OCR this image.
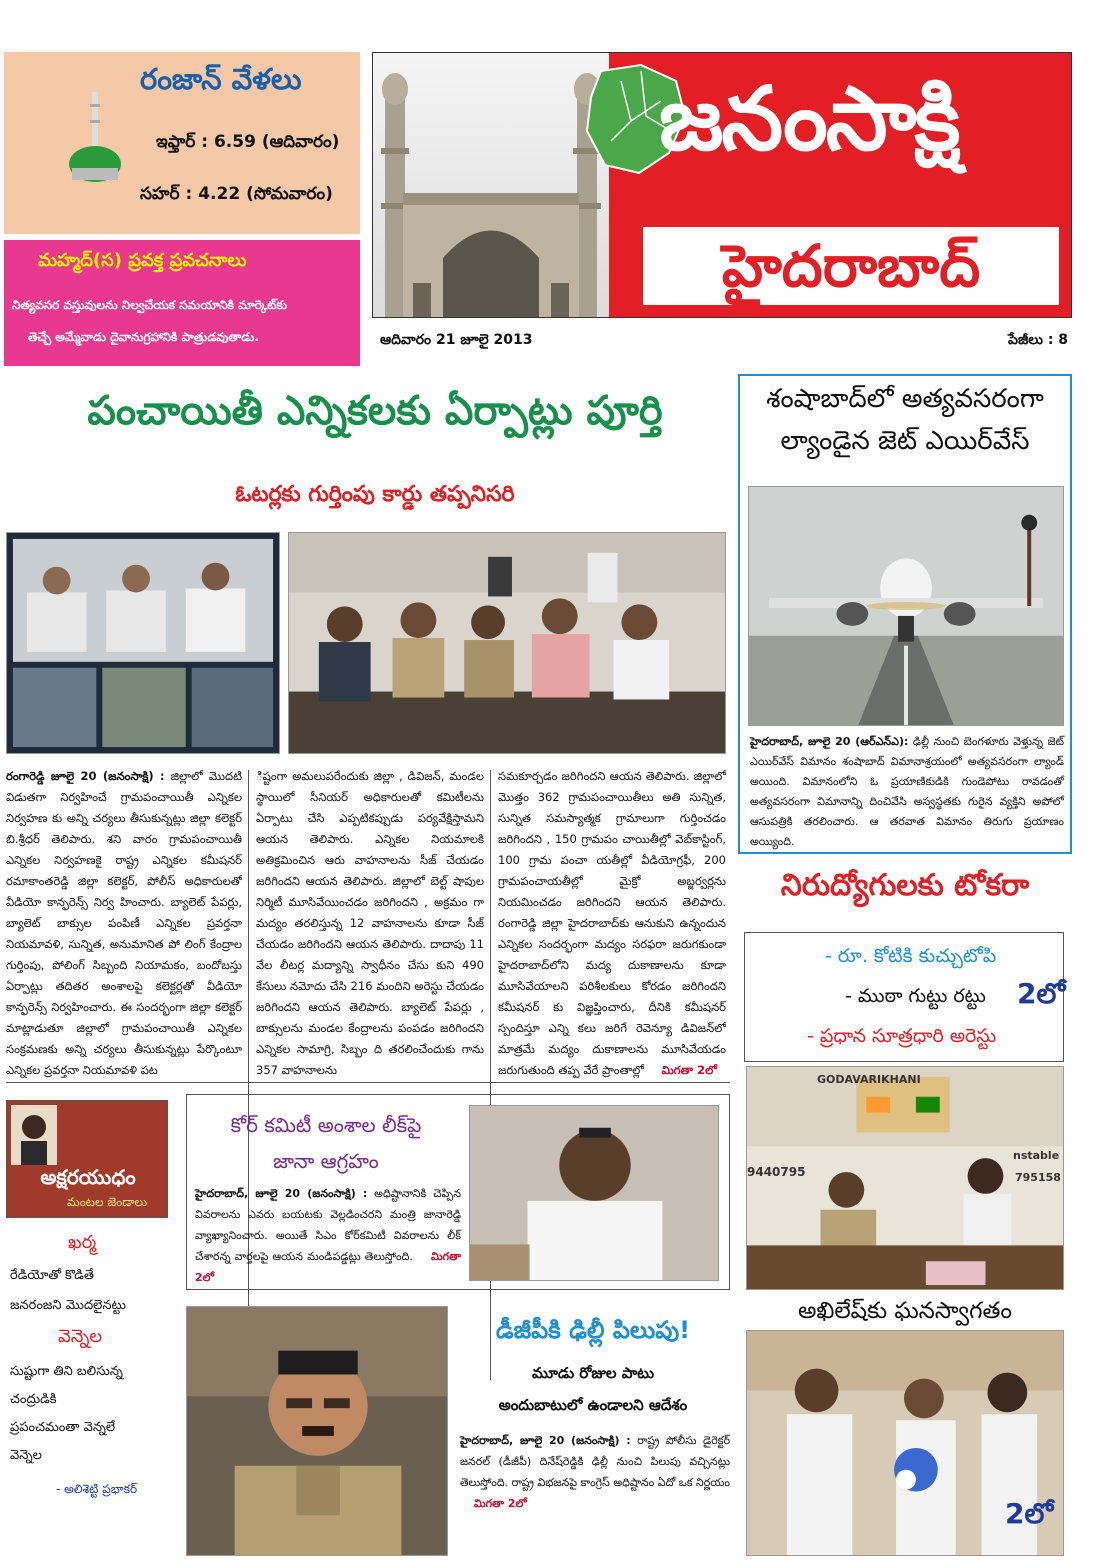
రంజాన్ వేళలు
ఇఫ్తార్ : 6.59 (ఆదివారం)
సహర్ : 4.22 (సోమవారం)
మహ్మద్(స) ప్రవక్త ప్రవచనాలు
నిత్యవసర వస్తువులను నిల్వచేయక సమయానికి మార్కెట్‌కు
తెచ్చే అమ్మేవాడు దైవానుగ్రహానికి పాత్రుడవుతాడు.
జనంసాక్షి
హైదరాబాద్
ఆదివారం 21 జూలై 2013	పేజీలు : 8
పంచాయితీ ఎన్నికలకు ఏర్పాట్లు పూర్తి
ఓటర్లకు గుర్తింపు కార్డు తప్పనిసరి
రంగారెడ్డి జూలై 20 (జనంసాక్షి) : జిల్లాలో మొదటి విడుతగా నిర్వహించే గ్రామపంచాయితీ ఎన్నికల నిర్వహణ కు అన్ని చర్యలు తీసుకున్నట్లు జిల్లా కలెక్టర్ బి.శ్రీధర్ తెలిపారు. శని వారం గ్రామపంచాయితీ ఎన్నికల నిర్వహణకై రాష్ట్ర ఎన్నికల కమీషనర్ రమాకాంతరెడ్డి జిల్లా కలెక్టర్, పోలీస్ అధికారులతో వీడియో కాన్ఫరెన్స్ నిర్వ హించారు. బ్యాలెట్ పేపర్లు, బ్యాలెట్ బాక్సుల పంపిణీ ఎన్నికల ప్రవర్తనా నియమావళి, సున్నిత, అనుమానిత పో లింగ్ కేంద్రాల గుర్తింపు, పోలింగ్ సిబ్బంది నియామకం, బందోబస్తు ఏర్పాట్లు తదితర అంశాలపై కలెక్టర్లతో వీడియో కాన్ఫరెన్స్ నిర్వహించారు. ఈ సందర్భంగా జిల్లా కలెక్టర్ మాట్లాడుతూ జిల్లాలో గ్రామపంచాయితీ ఎన్నికల సంక్రమణకు అన్ని చర్యలు తీసుకున్నట్లు పేర్కొంటూ ఎన్నికల ప్రవర్తనా నియమావళి పట
ిష్టంగా అమలుపరేందుకు జిల్లా , డివిజన్, మండల స్థాయిలో సీనియర్ అధికారులతో కమిటీలను ఏర్పాటు చేసి ఎప్పటికప్పుడు పర్యవేక్షిస్తామని ఆయన తెలిపారు. ఎన్నికల నియమాలకి అతిక్రమించిన ఆరు వాహనాలను సీజ్ చేయడం జరిగిందని ఆయన తెలిపారు. జిల్లాలో బెల్ట్ షాపుల నిర్మిటీ మూసివేయించడం జరిగిందని , అక్రమం గా మద్యం తరలిస్తున్న 12 వాహనాలను కూడా సీజ్ చేయడం జరిగిందని ఆయన తెలిపారు. దాదాపు 11 వేల లీటర్ల మద్యాన్ని స్వాధీనం చేసు కుని 490 కేసులు నమోదు చేసి 216 మందిని అరెస్టు చేయడం జరిగిందని ఆయన తెలిపారు. బ్యాలెట్ పేపర్లు , బాక్సులను మండల కేంద్రాలను పంపడం జరిగిందని ఎన్నికల సామాగ్రి, సిబ్బం ది తరలించేందుకు గాను 357 వాహనాలను
సమకూర్చడం జరిగిందని ఆయన తెలిపారు. జిల్లాలో మొత్తం 362 గ్రామపంచాయితీలు అతి సున్నిత, సున్నిత సమస్యాత్మక గ్రామాలుగా గుర్తించడం జరిగిందని , 150 గ్రామపం చాయితీల్లో వెబ్‌కాస్టింగ్, 100 గ్రామ పంచా యతీల్లో వీడియోగ్రఫీ, 200 గ్రామపంచాయతీల్లో మైక్రో అబ్జర్వర్లను నియమించడం జరిగిందని ఆయన తెలిపారు. రంగారెడ్డి జిల్లా హైదరాబాద్‌కు ఆనుకుని ఉన్నందున ఎన్నికల సందర్భంగా మద్యం సరఫరా జరుగకుండా హైదరాబాద్‌లోని మద్య దుకాణాలను కూడా మూసివేయాలని పరిశీలకులు కోరడం జరిగిందని కమీషనర్ కు విజ్ఞప్తించారు, దీనికి కమీషనర్ స్పందిస్తూ ఎన్ని కలు జరిగే రెవెన్యూ డివిజన్‌లో మాత్రమే మద్యం దుకాణాలను మూసివేయడం జరుగుతుంది తప్ప వేరే ప్రాంతాల్లో మిగతా 2లో
శంషాబాద్‌లో అత్యవసరంగా
ల్యాండైన జెట్ ఎయిర్‌వేస్
హైదరాబాద్, జూలై 20 (ఆర్ఎన్ఎ): ఢిల్లీ నుంచి బెంగళూరు వెళ్తున్న జెట్ ఎయిర్‌వేస్ విమానం శంషాబాద్ విమానాశ్రయంలో అత్యవసరంగా ల్యాండ్ అయింది. విమానంలోని ఓ ప్రయాణికుడికి గుండెపోటు రావడంతో అత్యవసరంగా విమానాన్ని దించివేసి అస్వస్థతకు గురైన వ్యక్తిని అపోలో ఆసుపత్రికి తరలించారు. ఆ తరవాత విమానం తిరుగు ప్రయాణం అయ్యింది.
నిరుద్యోగులకు టోకరా
- రూ. కోటికి కుచ్చుటోపి
- ముఠా గుట్టు రట్టు 2లో
- ప్రధాన సూత్రధారి అరెస్టు
GODAVARIKHANI
9440795
nstable
795158
అఖిలేష్‌కు ఘనస్వాగతం
2లో
కోర్ కమిటీ అంశాల లీక్‌పై
జానా ఆగ్రహం
హైదరాబాద్, జూలై 20 (జనంసాక్షి) : అధిష్టానానికి చెప్పిన వివరాలను ఎవరు బయటకు వెల్లడించరని మంత్రి జానారెడ్డి వ్యాఖ్యానించారు. అయితే సిఎం కోర్‌కమిటీ వివరాలను లీక్ చేశారన్న వార్తలపై ఆయన మండిపడ్డట్లు తెలుస్తోంది. మిగతా 2లో
అక్షరయుధం
మంటల జెండాలు
ఖర్మ
రేడియోతో కొడితే
జనరంజని మొదలైనట్టు
వెన్నెల
సుష్టుగా తిని బలిసున్న
చంద్రుడికి
ప్రపంచమంతా వెన్నలే
వెన్నెల
- అలిశెట్టి ప్రభాకర్
డీజీపీకి ఢిల్లీ పిలుపు!
మూడు రోజుల పాటు
అందుబాటులో ఉండాలని ఆదేశం
హైదరాబాద్, జూలై 20 (జనంసాక్షి) : రాష్ట్ర పోలీసు డైరెక్టర్ జనరల్ (డీజీపీ) దినేష్‌రెడ్డికి ఢిల్లీ నుంచి పిలుపు వచ్చినట్లు తెలుస్తోంది. రాష్ట్ర విభజనపై కాంగ్రెస్ అధిష్టానం ఏదో ఒక నిర్ణయం మిగతా 2లో
